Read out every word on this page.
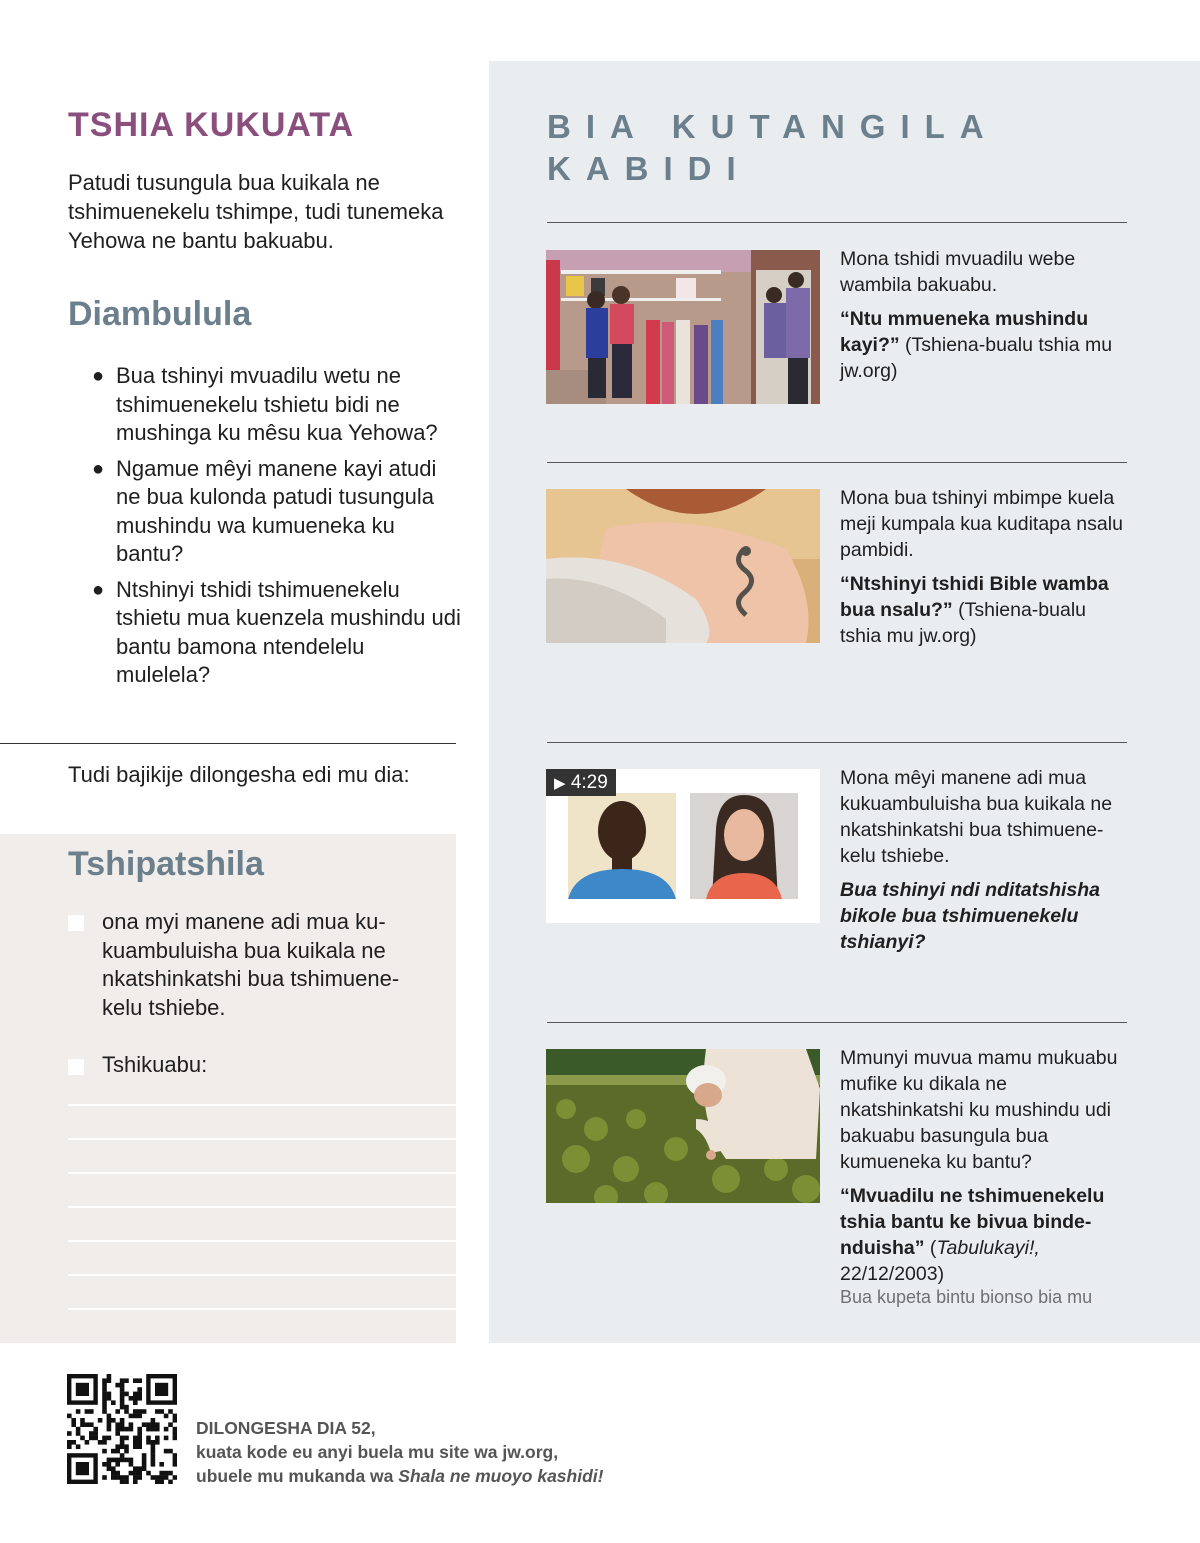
TSHIA KUKUATA

Patudi tusungula bua kuikala ne tshimuenekelu tshimpe, tudi tunemeka Yehowa ne bantu bakuabu.

Diambulula
● Bua tshinyi mvuadilu wetu ne tshimuenekelu tshietu bidi ne mushinga ku mêsu kua Yehowa?
● Ngamue mêyi manene kayi atudi ne bua kulonda patudi tusungula mushindu wa kumueneka ku bantu?
● Ntshinyi tshidi tshimuenekelu tshietu mua kuenzela mushindu udi bantu bamona ntendelelu mulelela?

Tudi bajikije dilongesha edi mu dia:

Tshipatshila

ona myi manene adi mua ku-kuambuluisha bua kuikala ne nkatshinkatshi bua tshimuene-kelu tshiebe.

Tshikuabu:

BIA KUTANGILA KABIDI

Mona tshidi mvuadilu webe wambila bakuabu.

“Ntu mmueneka mushindu kayi?” (Tshiena-bualu tshia mu jw.org)

Mona bua tshinyi mbimpe kuela meji kumpala kua kuditapa nsalu pambidi.

“Ntshinyi tshidi Bible wamba bua nsalu?” (Tshiena-bualu tshia mu jw.org)

▶ 4:29	Mona mêyi manene adi mua kukuambuluisha bua kuikala ne nkatshinkatshi bua tshimuene-kelu tshiebe.

Bua tshinyi ndi nditatshisha bikole bua tshimuenekelu tshianyi?

Mmunyi muvua mamu mukuabu mufike ku dikala ne nkatshinkatshi ku mushindu udi bakuabu basungula bua kumueneka ku bantu?

“Mvuadilu ne tshimuenekelu tshia bantu ke bivua binde-nduisha” (Tabulukayi!, 22/12/2003)

Bua kupeta bintu bionso bia mu

DILONGESHA DIA 52,
kuata kode eu anyi buela mu site wa jw.org,
ubuele mu mukanda wa Shala ne muoyo kashidi!
